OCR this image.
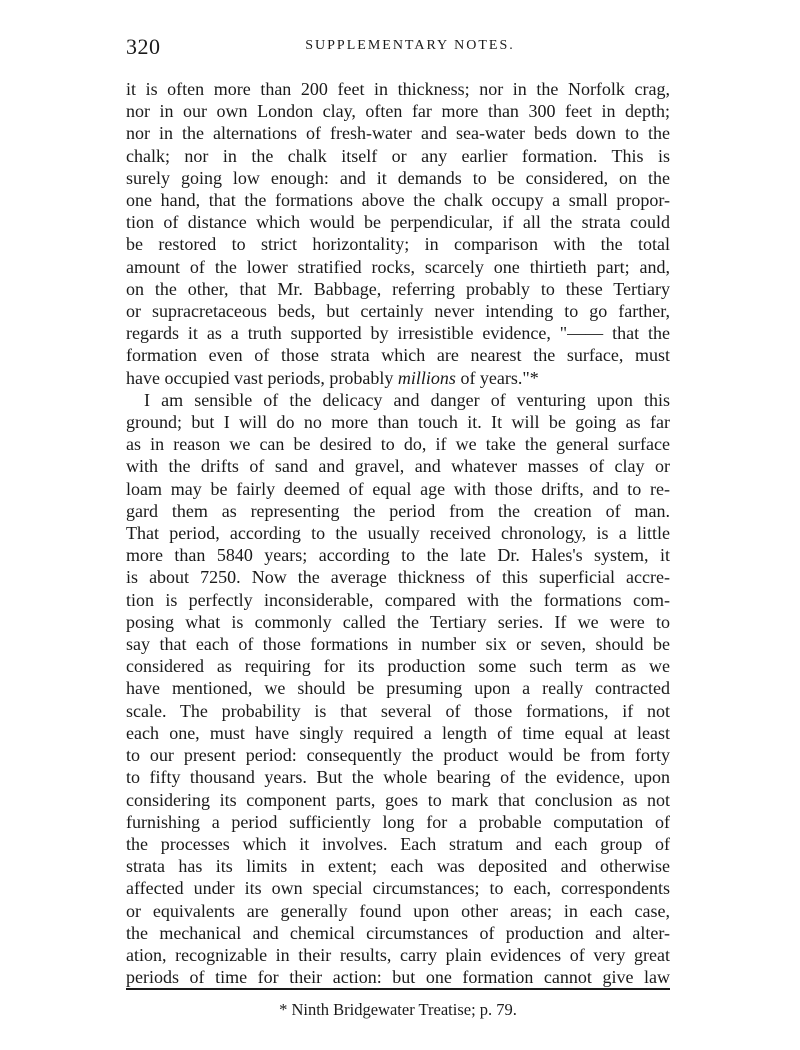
320	SUPPLEMENTARY NOTES.
it is often more than 200 feet in thickness; nor in the Norfolk crag,
nor in our own London clay, often far more than 300 feet in depth;
nor in the alternations of fresh-water and sea-water beds down to the
chalk; nor in the chalk itself or any earlier formation. This is
surely going low enough: and it demands to be considered, on the
one hand, that the formations above the chalk occupy a small propor-
tion of distance which would be perpendicular, if all the strata could
be restored to strict horizontality; in comparison with the total
amount of the lower stratified rocks, scarcely one thirtieth part; and,
on the other, that Mr. Babbage, referring probably to these Tertiary
or supracretaceous beds, but certainly never intending to go farther,
regards it as a truth supported by irresistible evidence, "—— that the
formation even of those strata which are nearest the surface, must
have occupied vast periods, probably millions of years."*
I am sensible of the delicacy and danger of venturing upon this
ground; but I will do no more than touch it. It will be going as far
as in reason we can be desired to do, if we take the general surface
with the drifts of sand and gravel, and whatever masses of clay or
loam may be fairly deemed of equal age with those drifts, and to re-
gard them as representing the period from the creation of man.
That period, according to the usually received chronology, is a little
more than 5840 years; according to the late Dr. Hales's system, it
is about 7250. Now the average thickness of this superficial accre-
tion is perfectly inconsiderable, compared with the formations com-
posing what is commonly called the Tertiary series. If we were to
say that each of those formations in number six or seven, should be
considered as requiring for its production some such term as we
have mentioned, we should be presuming upon a really contracted
scale. The probability is that several of those formations, if not
each one, must have singly required a length of time equal at least
to our present period: consequently the product would be from forty
to fifty thousand years. But the whole bearing of the evidence, upon
considering its component parts, goes to mark that conclusion as not
furnishing a period sufficiently long for a probable computation of
the processes which it involves. Each stratum and each group of
strata has its limits in extent; each was deposited and otherwise
affected under its own special circumstances; to each, correspondents
or equivalents are generally found upon other areas; in each case,
the mechanical and chemical circumstances of production and alter-
ation, recognizable in their results, carry plain evidences of very great
periods of time for their action: but one formation cannot give law
* Ninth Bridgewater Treatise; p. 79.
